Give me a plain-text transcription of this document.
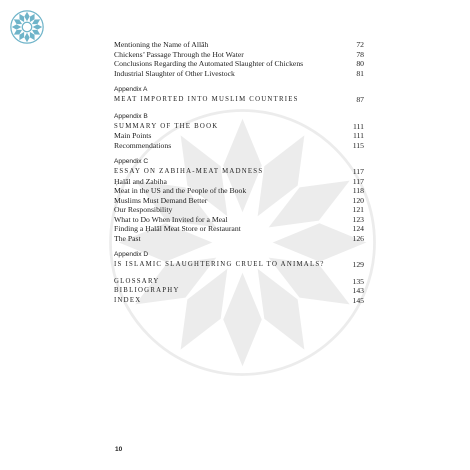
Mentioning the Name of Allāh	72
Chickens’ Passage Through the Hot Water	78
Conclusions Regarding the Automated Slaughter of Chickens	80
Industrial Slaughter of Other Livestock	81
Appendix A
MEAT IMPORTED INTO MUSLIM COUNTRIES	87
Appendix B
SUMMARY OF THE BOOK	111
Main Points	111
Recommendations	115
Appendix C
ESSAY ON ZABIHA-MEAT MADNESS	117
Ḥalāl and Zabiha	117
Meat in the US and the People of the Book	118
Muslims Must Demand Better	120
Our Responsibility	121
What to Do When Invited for a Meal	123
Finding a Ḥalāl Meat Store or Restaurant	124
The Past	126
Appendix D
IS ISLAMIC SLAUGHTERING CRUEL TO ANIMALS?	129
GLOSSARY	135
BIBLIOGRAPHY	143
INDEX	145
10
